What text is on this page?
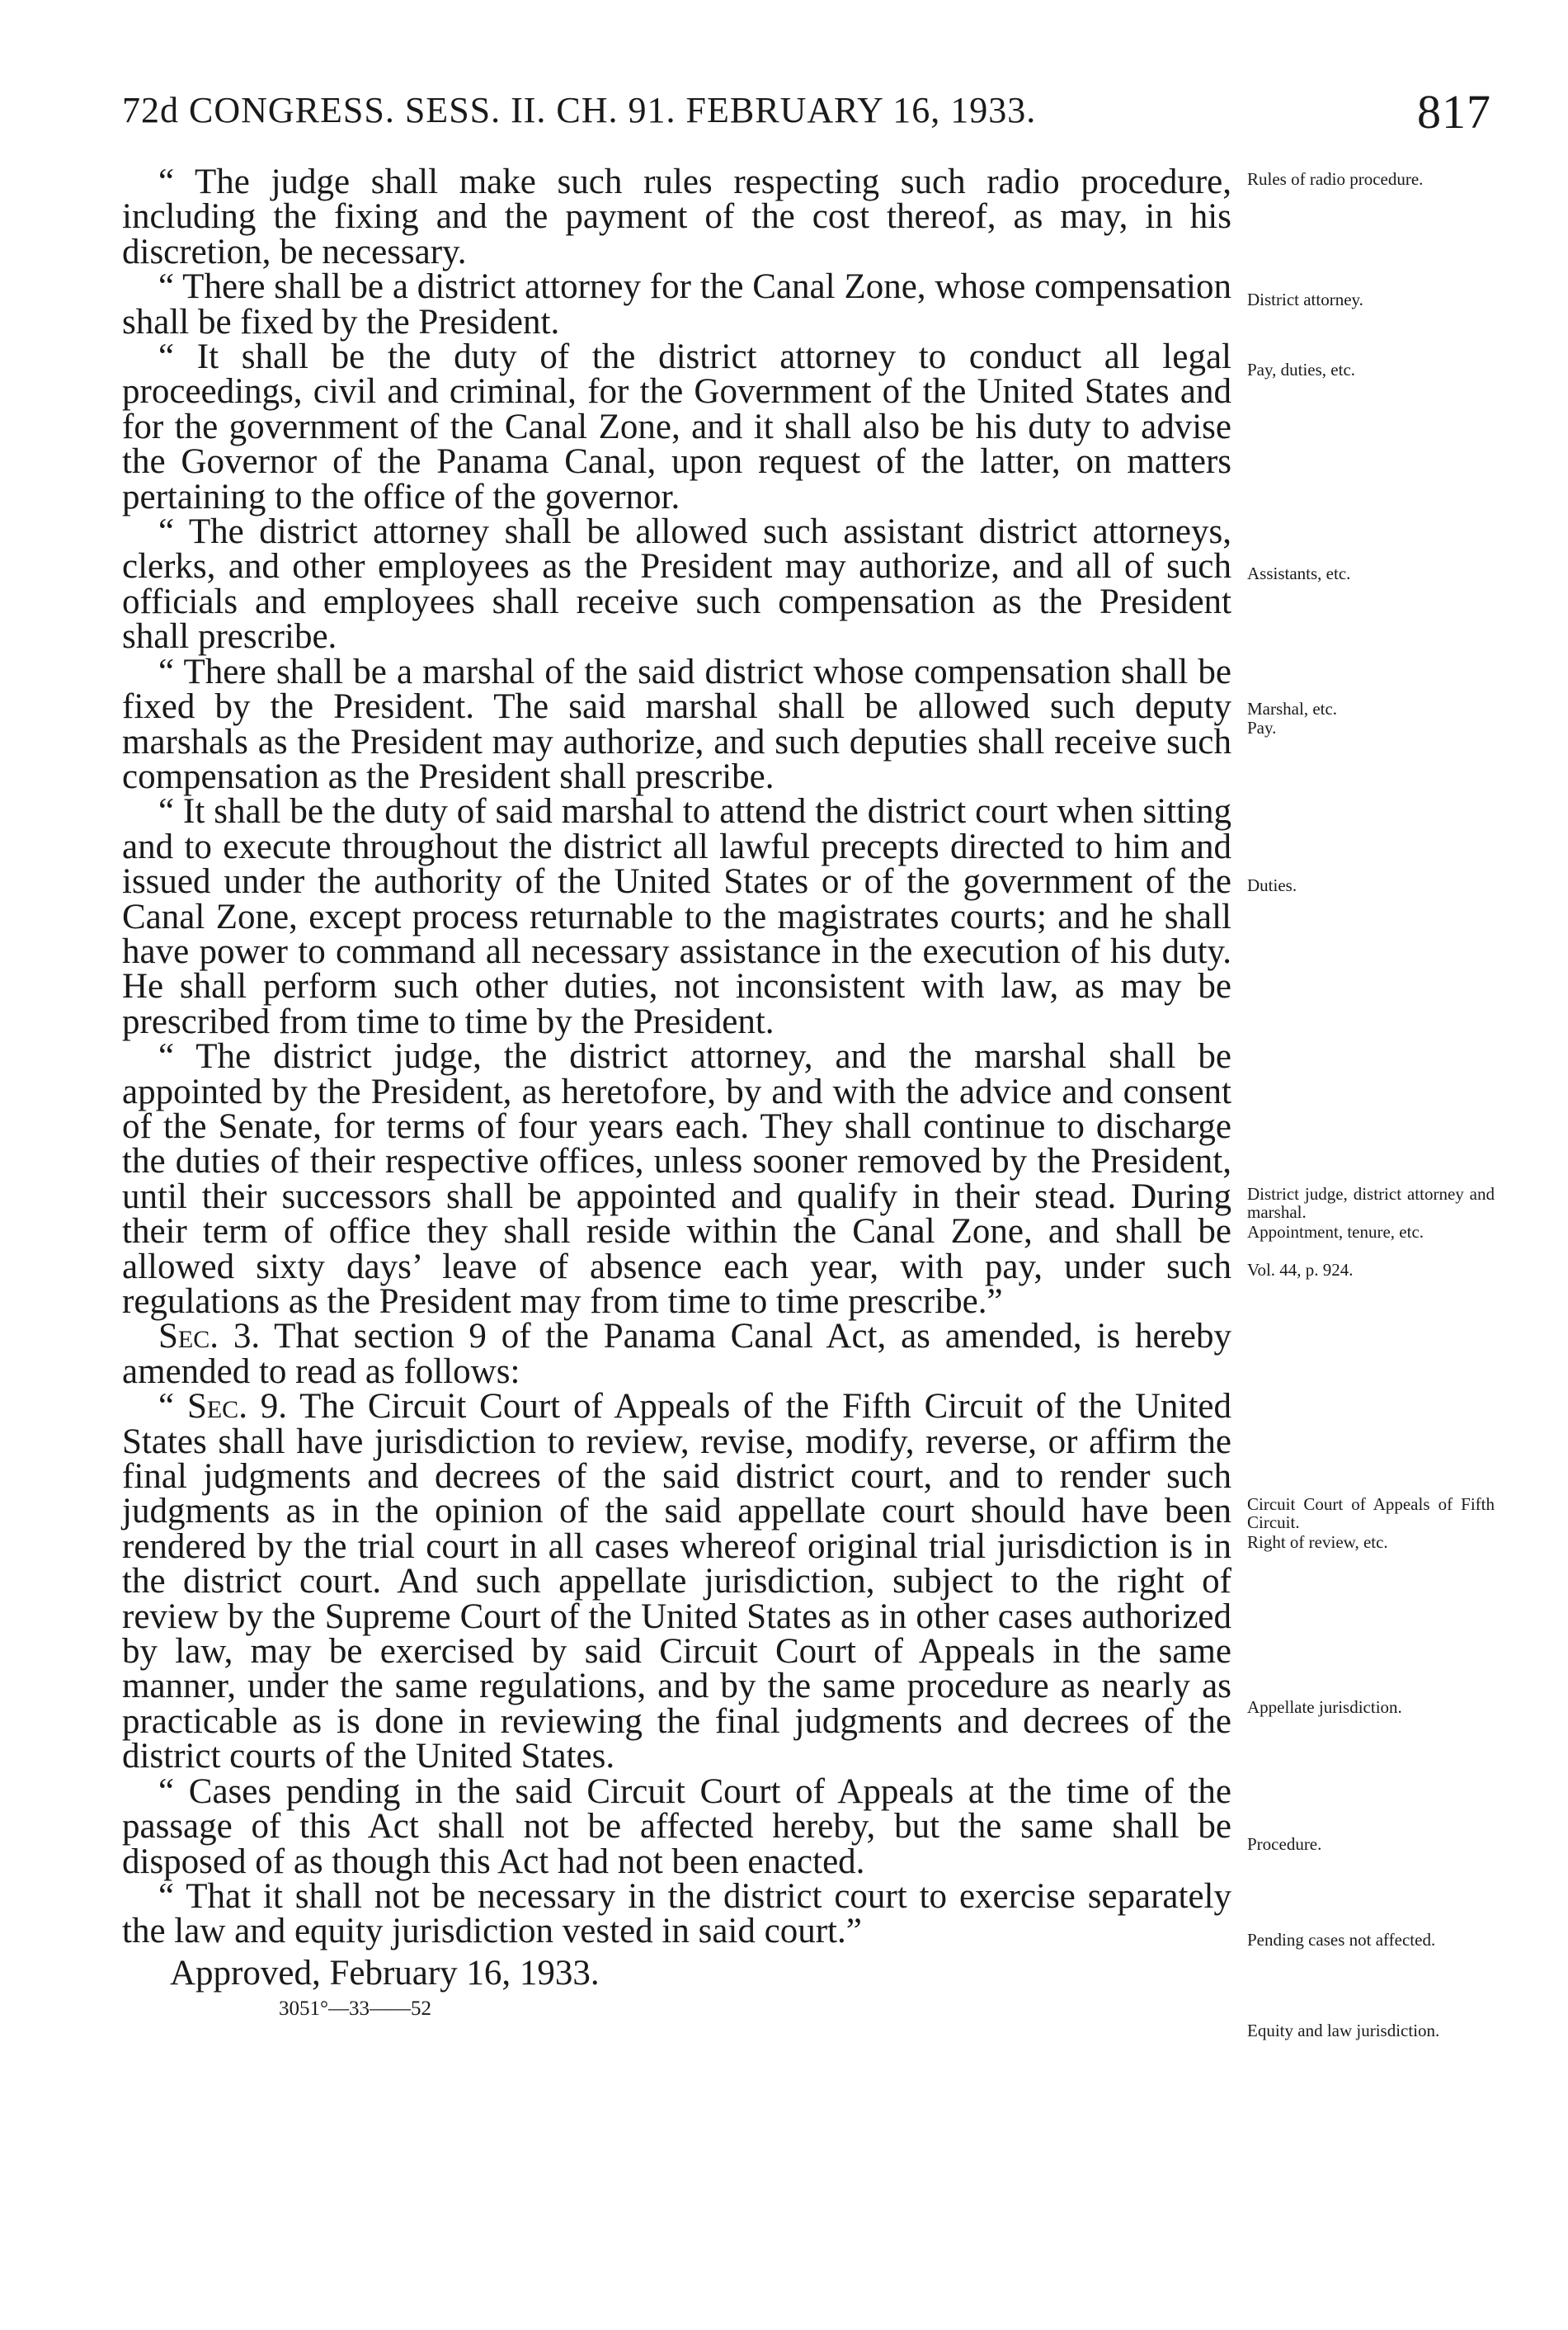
72d CONGRESS. SESS. II. CH. 91. FEBRUARY 16, 1933.	817

“ The judge shall make such rules respecting such radio procedure, including the fixing and the payment of the cost thereof, as may, in his discretion, be necessary.

“ There shall be a district attorney for the Canal Zone, whose compensation shall be fixed by the President.

“ It shall be the duty of the district attorney to conduct all legal proceedings, civil and criminal, for the Government of the United States and for the government of the Canal Zone, and it shall also be his duty to advise the Governor of the Panama Canal, upon request of the latter, on matters pertaining to the office of the governor.

“ The district attorney shall be allowed such assistant district attorneys, clerks, and other employees as the President may authorize, and all of such officials and employees shall receive such compensation as the President shall prescribe.

“ There shall be a marshal of the said district whose compensation shall be fixed by the President. The said marshal shall be allowed such deputy marshals as the President may authorize, and such deputies shall receive such compensation as the President shall prescribe.

“ It shall be the duty of said marshal to attend the district court when sitting and to execute throughout the district all lawful precepts directed to him and issued under the authority of the United States or of the government of the Canal Zone, except process returnable to the magistrates courts; and he shall have power to command all necessary assistance in the execution of his duty. He shall perform such other duties, not inconsistent with law, as may be prescribed from time to time by the President.

“ The district judge, the district attorney, and the marshal shall be appointed by the President, as heretofore, by and with the advice and consent of the Senate, for terms of four years each. They shall continue to discharge the duties of their respective offices, unless sooner removed by the President, until their successors shall be appointed and qualify in their stead. During their term of office they shall reside within the Canal Zone, and shall be allowed sixty days’ leave of absence each year, with pay, under such regulations as the President may from time to time prescribe.”

Sec. 3. That section 9 of the Panama Canal Act, as amended, is hereby amended to read as follows:

“ Sec. 9. The Circuit Court of Appeals of the Fifth Circuit of the United States shall have jurisdiction to review, revise, modify, reverse, or affirm the final judgments and decrees of the said district court, and to render such judgments as in the opinion of the said appellate court should have been rendered by the trial court in all cases whereof original trial jurisdiction is in the district court. And such appellate jurisdiction, subject to the right of review by the Supreme Court of the United States as in other cases authorized by law, may be exercised by said Circuit Court of Appeals in the same manner, under the same regulations, and by the same procedure as nearly as practicable as is done in reviewing the final judgments and decrees of the district courts of the United States.

“ Cases pending in the said Circuit Court of Appeals at the time of the passage of this Act shall not be affected hereby, but the same shall be disposed of as though this Act had not been enacted.

“ That it shall not be necessary in the district court to exercise separately the law and equity jurisdiction vested in said court.”

Approved, February 16, 1933.

3051°—33——52

Rules of radio procedure.
District attorney.
Pay, duties, etc.
Assistants, etc.
Marshal, etc.
Pay.
Duties.
District judge, district attorney and marshal.
Appointment, tenure, etc.
Vol. 44, p. 924.
Circuit Court of Appeals of Fifth Circuit.
Right of review, etc.
Appellate jurisdiction.
Procedure.
Pending cases not affected.
Equity and law jurisdiction.
